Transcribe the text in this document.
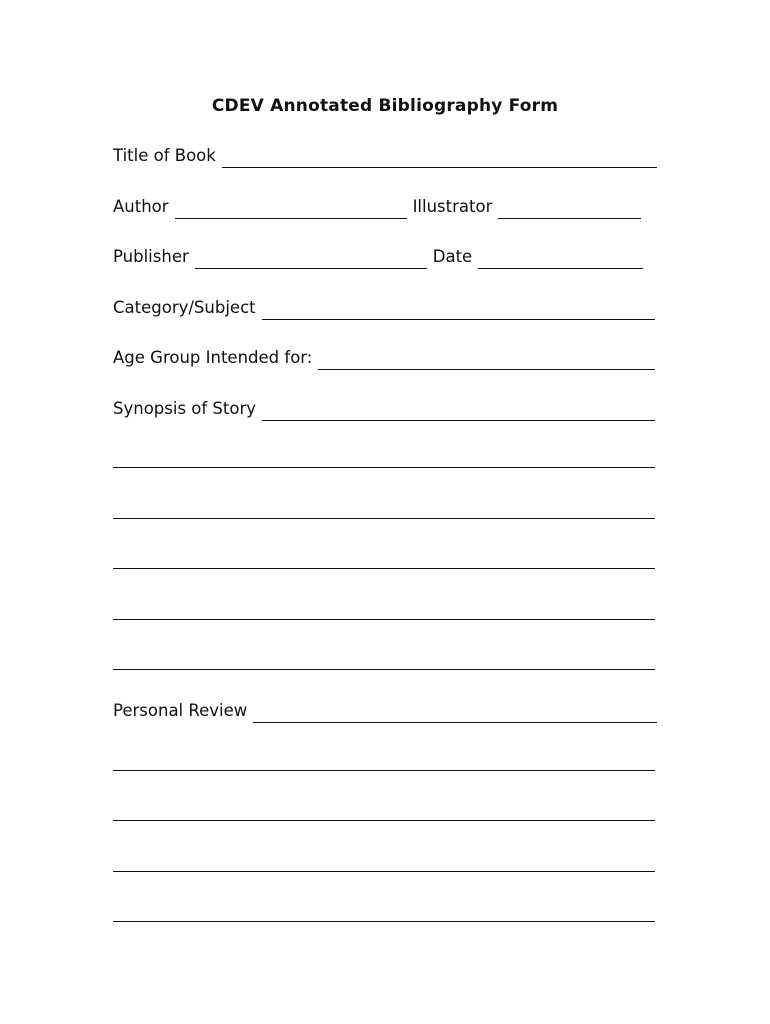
CDEV Annotated Bibliography Form
Title of Book
Author	Illustrator
Publisher	Date
Category/Subject
Age Group Intended for:
Synopsis of Story
Personal Review
